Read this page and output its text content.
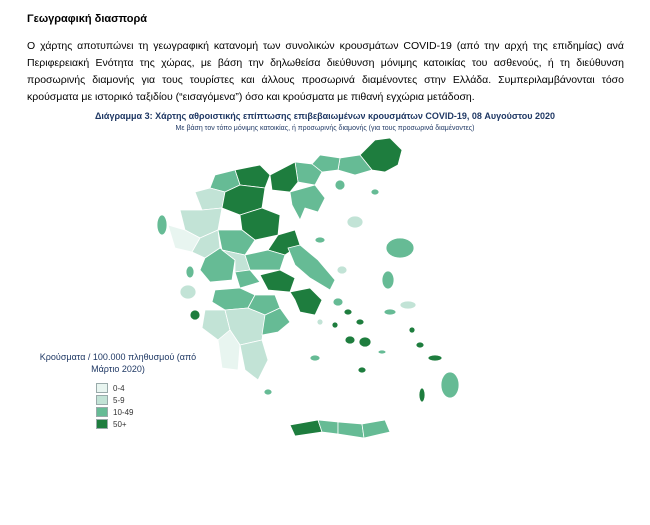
Γεωγραφική διασπορά
Ο χάρτης αποτυπώνει τη γεωγραφική κατανομή των συνολικών κρουσμάτων COVID-19 (από την αρχή της επιδημίας) ανά Περιφερειακή Ενότητα της χώρας, με βάση την δηλωθείσα διεύθυνση μόνιμης κατοικίας του ασθενούς, ή τη διεύθυνση προσωρινής διαμονής για τους τουρίστες και άλλους προσωρινά διαμένοντες στην Ελλάδα. Συμπεριλαμβάνονται τόσο κρούσματα με ιστορικό ταξιδίου (“εισαγόμενα”) όσο και κρούσματα με πιθανή εγχώρια μετάδοση.
Διάγραμμα 3: Χάρτης αθροιστικής επίπτωσης επιβεβαιωμένων κρουσμάτων COVID-19, 08 Αυγούστου 2020
Με βάση τον τόπο μόνιμης κατοικίας, ή προσωρινής διαμονής (για τους προσωρινά διαμένοντες)
Κρούσματα / 100.000 πληθυσμού (από Μάρτιο 2020)
0-4
5-9
10-49
50+
